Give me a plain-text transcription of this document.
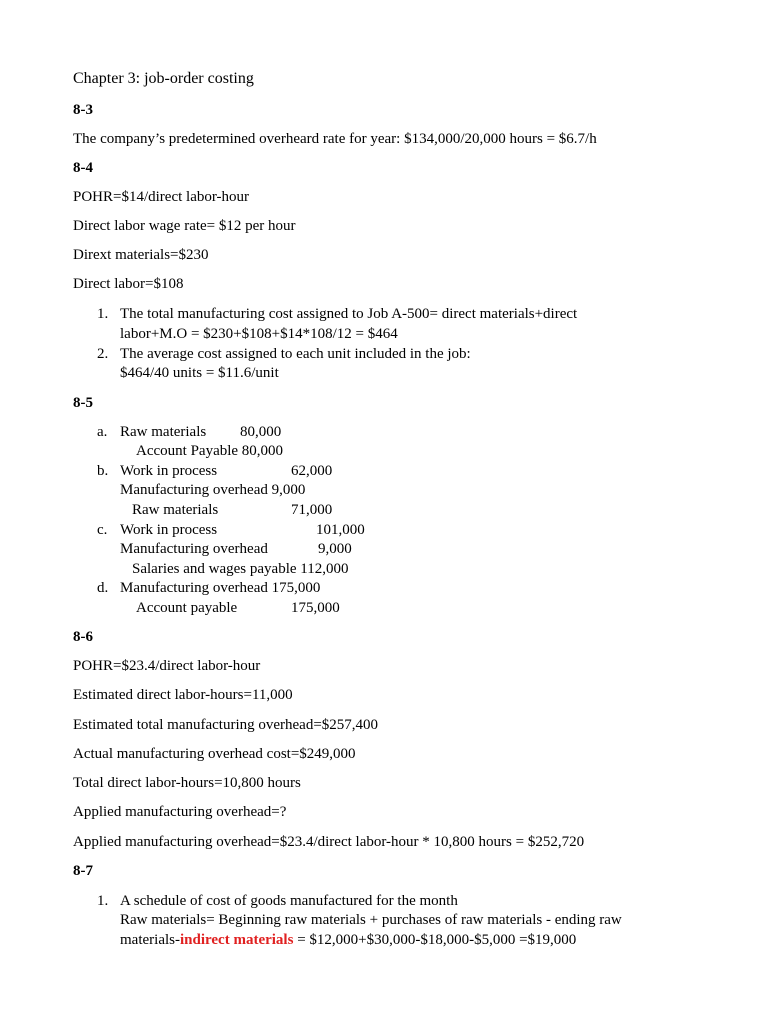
Chapter 3: job-order costing
8-3
The company’s predetermined overheard rate for year: $134,000/20,000 hours = $6.7/h
8-4
POHR=$14/direct labor-hour
Direct labor wage rate= $12 per hour
Dirext materials=$230
Direct labor=$108
1. The total manufacturing cost assigned to Job A-500= direct materials+direct
labor+M.O = $230+$108+$14*108/12 = $464
2. The average cost assigned to each unit included in the job:
$464/40 units = $11.6/unit
8-5
a. Raw materials 80,000
Account Payable 80,000
b. Work in process	62,000
Manufacturing overhead 9,000
Raw materials	71,000
c. Work in process	101,000
Manufacturing overhead	9,000
Salaries and wages payable 112,000
d. Manufacturing overhead 175,000
Account payable	175,000
8-6
POHR=$23.4/direct labor-hour
Estimated direct labor-hours=11,000
Estimated total manufacturing overhead=$257,400
Actual manufacturing overhead cost=$249,000
Total direct labor-hours=10,800 hours
Applied manufacturing overhead=?
Applied manufacturing overhead=$23.4/direct labor-hour * 10,800 hours = $252,720
8-7
1. A schedule of cost of goods manufactured for the month
Raw materials= Beginning raw materials + purchases of raw materials - ending raw
materials-indirect materials = $12,000+$30,000-$18,000-$5,000 =$19,000
